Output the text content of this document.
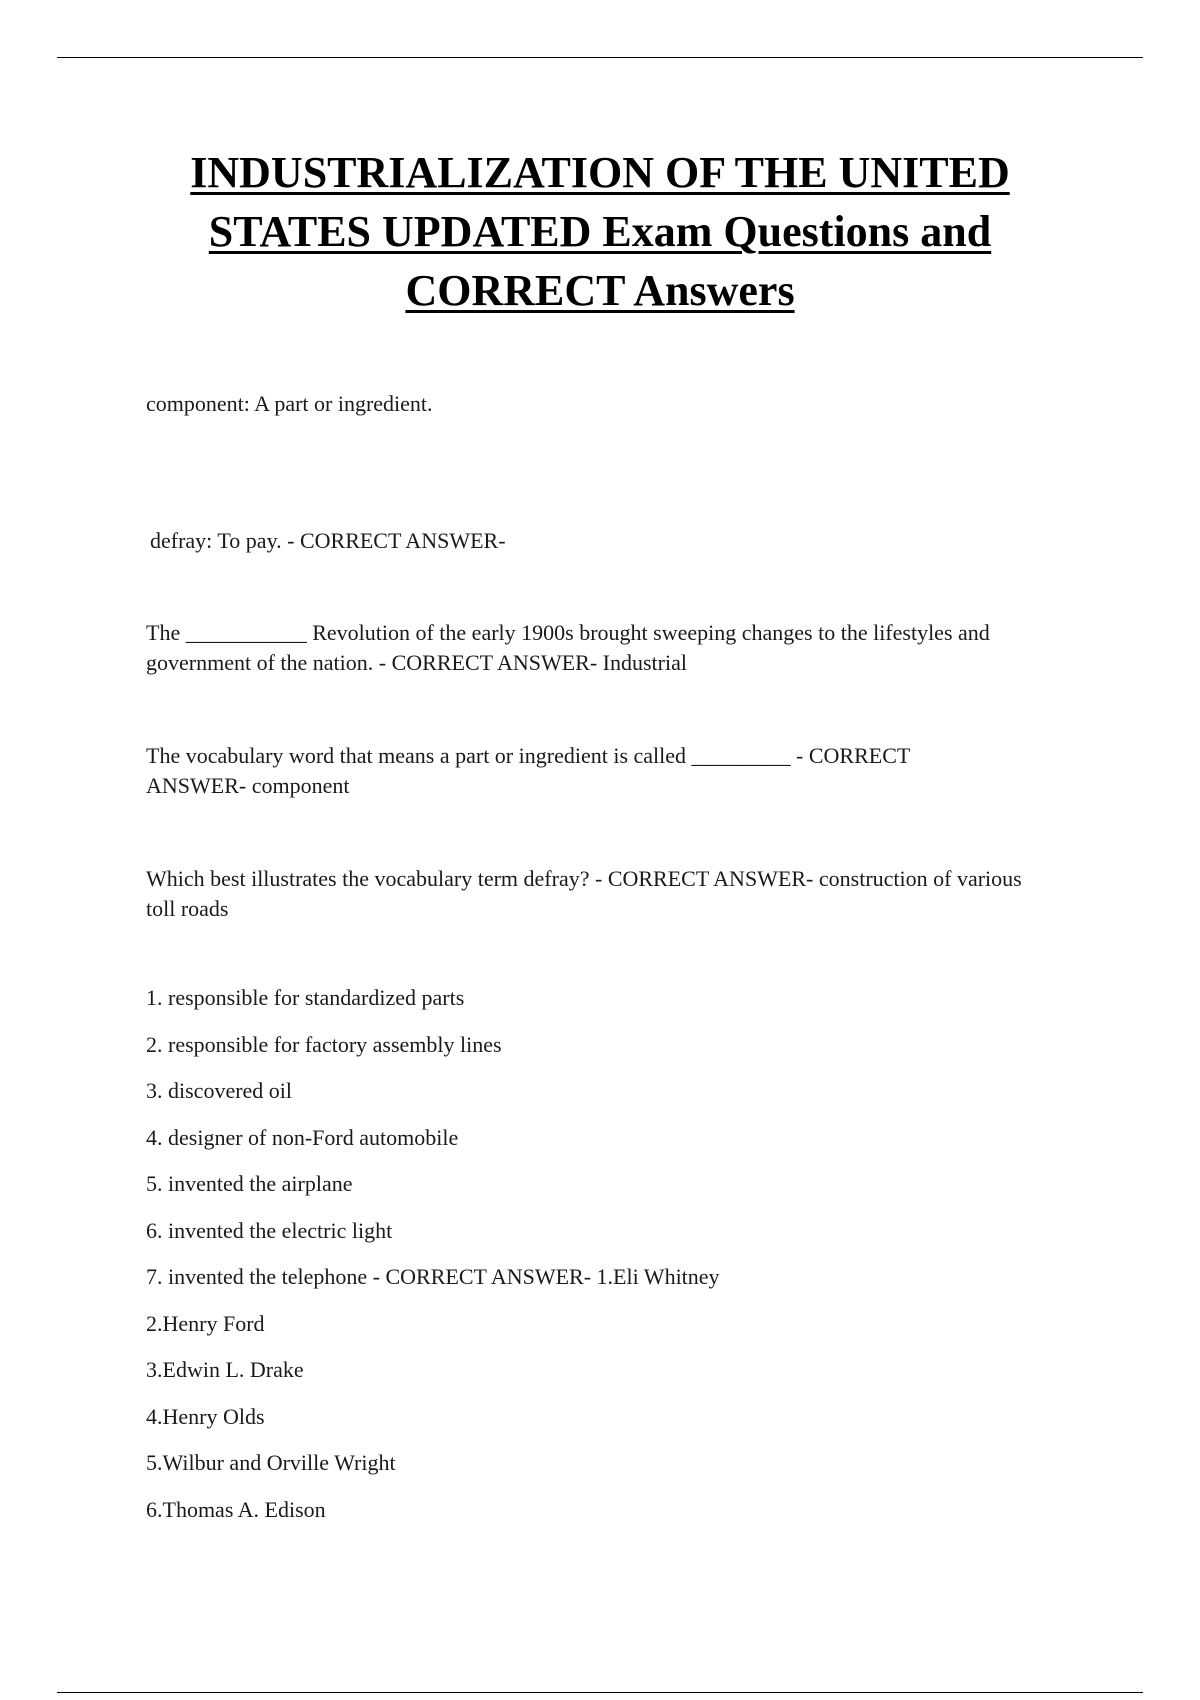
INDUSTRIALIZATION OF THE UNITED
STATES UPDATED Exam Questions and
CORRECT Answers

component: A part or ingredient.

defray: To pay. - CORRECT ANSWER-

The ___________ Revolution of the early 1900s brought sweeping changes to the lifestyles and government of the nation. - CORRECT ANSWER- Industrial

The vocabulary word that means a part or ingredient is called _________ - CORRECT
ANSWER- component

Which best illustrates the vocabulary term defray? - CORRECT ANSWER- construction of various toll roads

1. responsible for standardized parts
2. responsible for factory assembly lines
3. discovered oil
4. designer of non-Ford automobile
5. invented the airplane
6. invented the electric light
7. invented the telephone - CORRECT ANSWER- 1.Eli Whitney
2.Henry Ford
3.Edwin L. Drake
4.Henry Olds
5.Wilbur and Orville Wright
6.Thomas A. Edison
